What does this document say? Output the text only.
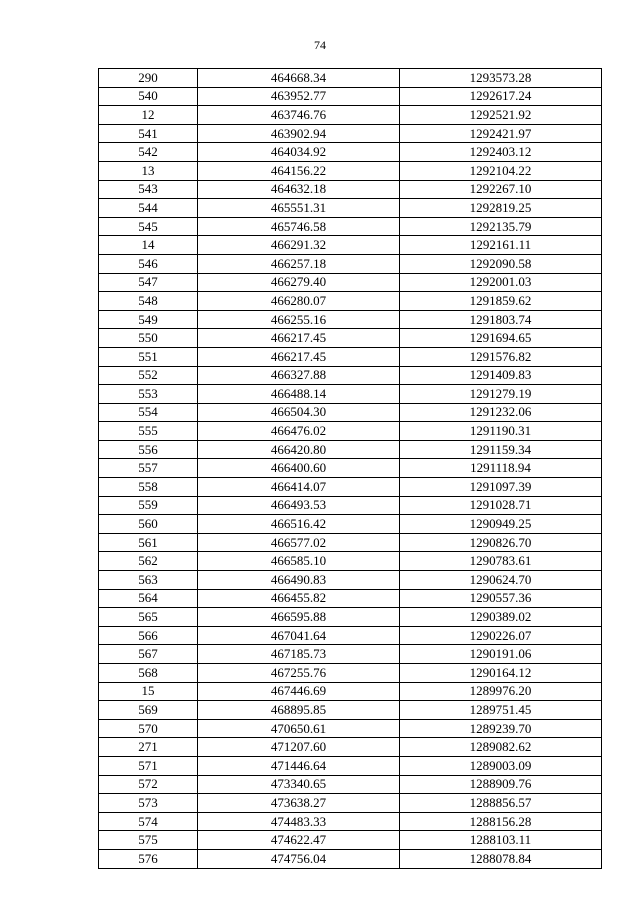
74
290	464668.34	1293573.28
540	463952.77	1292617.24
12	463746.76	1292521.92
541	463902.94	1292421.97
542	464034.92	1292403.12
13	464156.22	1292104.22
543	464632.18	1292267.10
544	465551.31	1292819.25
545	465746.58	1292135.79
14	466291.32	1292161.11
546	466257.18	1292090.58
547	466279.40	1292001.03
548	466280.07	1291859.62
549	466255.16	1291803.74
550	466217.45	1291694.65
551	466217.45	1291576.82
552	466327.88	1291409.83
553	466488.14	1291279.19
554	466504.30	1291232.06
555	466476.02	1291190.31
556	466420.80	1291159.34
557	466400.60	1291118.94
558	466414.07	1291097.39
559	466493.53	1291028.71
560	466516.42	1290949.25
561	466577.02	1290826.70
562	466585.10	1290783.61
563	466490.83	1290624.70
564	466455.82	1290557.36
565	466595.88	1290389.02
566	467041.64	1290226.07
567	467185.73	1290191.06
568	467255.76	1290164.12
15	467446.69	1289976.20
569	468895.85	1289751.45
570	470650.61	1289239.70
271	471207.60	1289082.62
571	471446.64	1289003.09
572	473340.65	1288909.76
573	473638.27	1288856.57
574	474483.33	1288156.28
575	474622.47	1288103.11
576	474756.04	1288078.84
